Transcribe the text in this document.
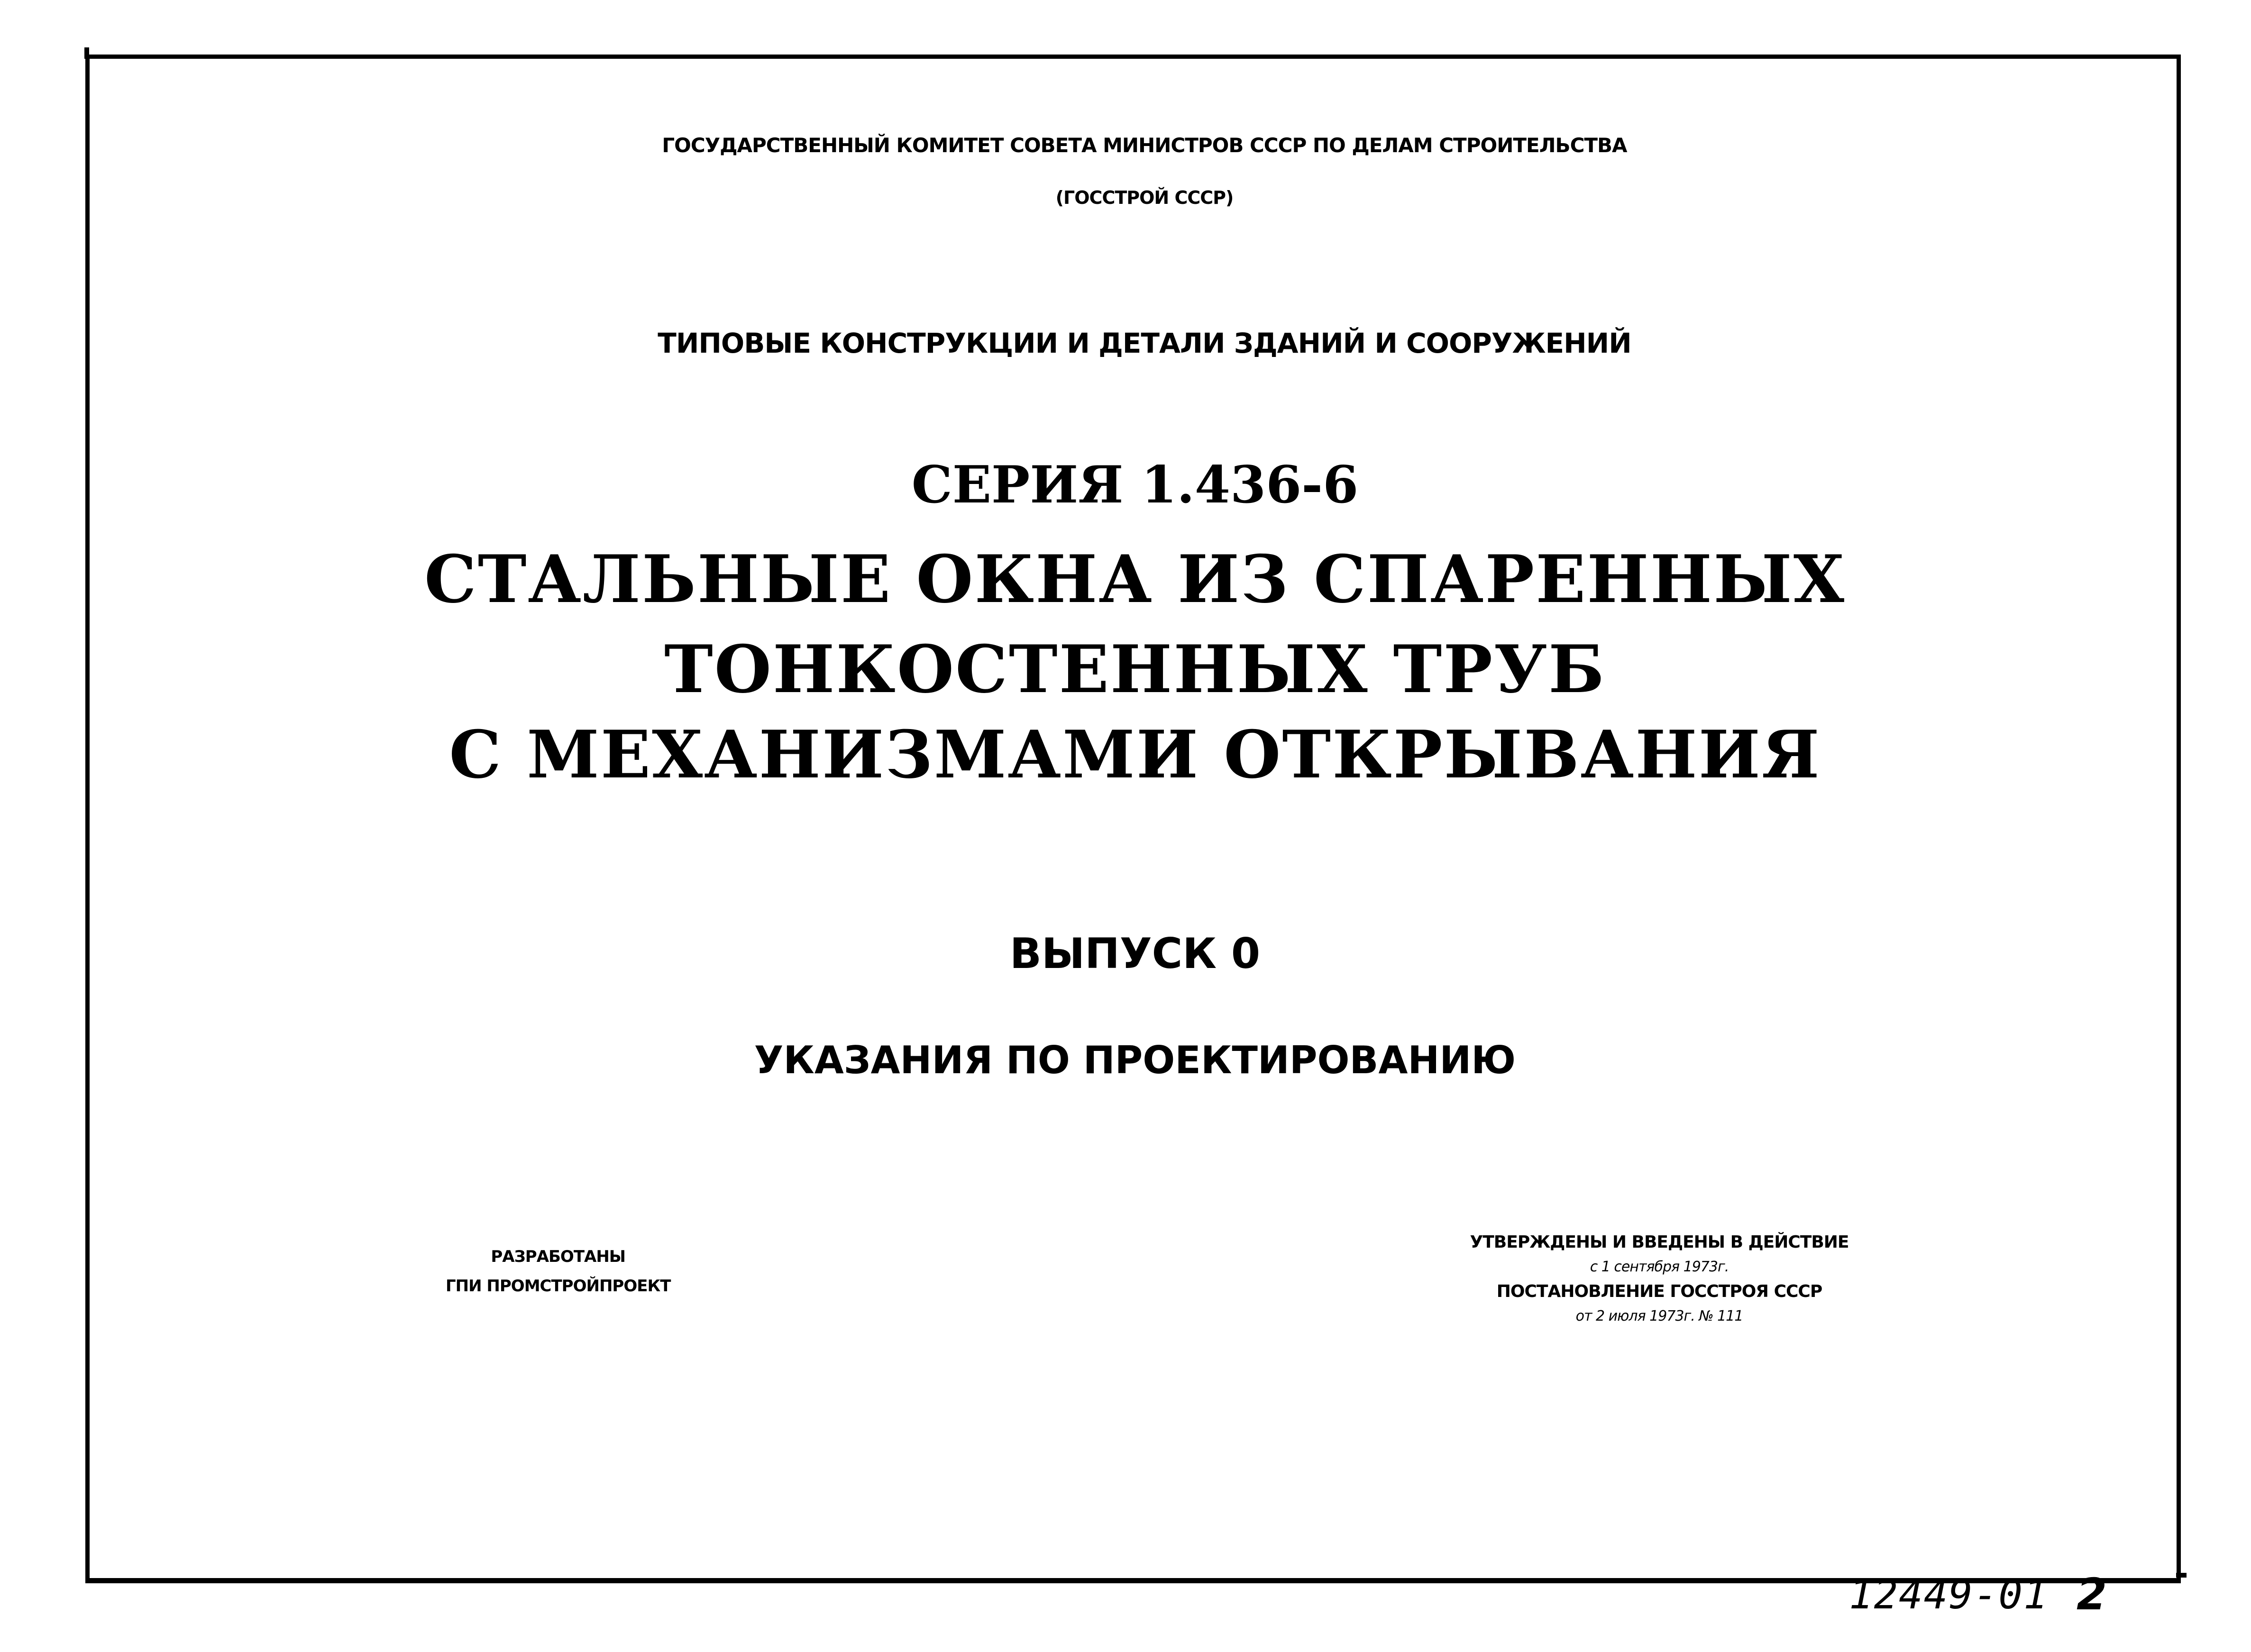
ГОСУДАРСТВЕННЫЙ КОМИТЕТ СОВЕТА МИНИСТРОВ СССР ПО ДЕЛАМ СТРОИТЕЛЬСТВА
(ГОССТРОЙ СССР)
ТИПОВЫЕ КОНСТРУКЦИИ И ДЕТАЛИ ЗДАНИЙ И СООРУЖЕНИЙ
СЕРИЯ 1.436-6
СТАЛЬНЫЕ ОКНА ИЗ СПАРЕННЫХ
ТОНКОСТЕННЫХ ТРУБ
С МЕХАНИЗМАМИ ОТКРЫВАНИЯ
ВЫПУСК 0
УКАЗАНИЯ ПО ПРОЕКТИРОВАНИЮ
РАЗРАБОТАНЫ
ГПИ ПРОМСТРОЙПРОЕКТ
УТВЕРЖДЕНЫ И ВВЕДЕНЫ В ДЕЙСТВИЕ
с 1 сентября 1973г.
ПОСТАНОВЛЕНИЕ ГОССТРОЯ СССР
от 2 июля 1973г. № 111
12449-01 2
